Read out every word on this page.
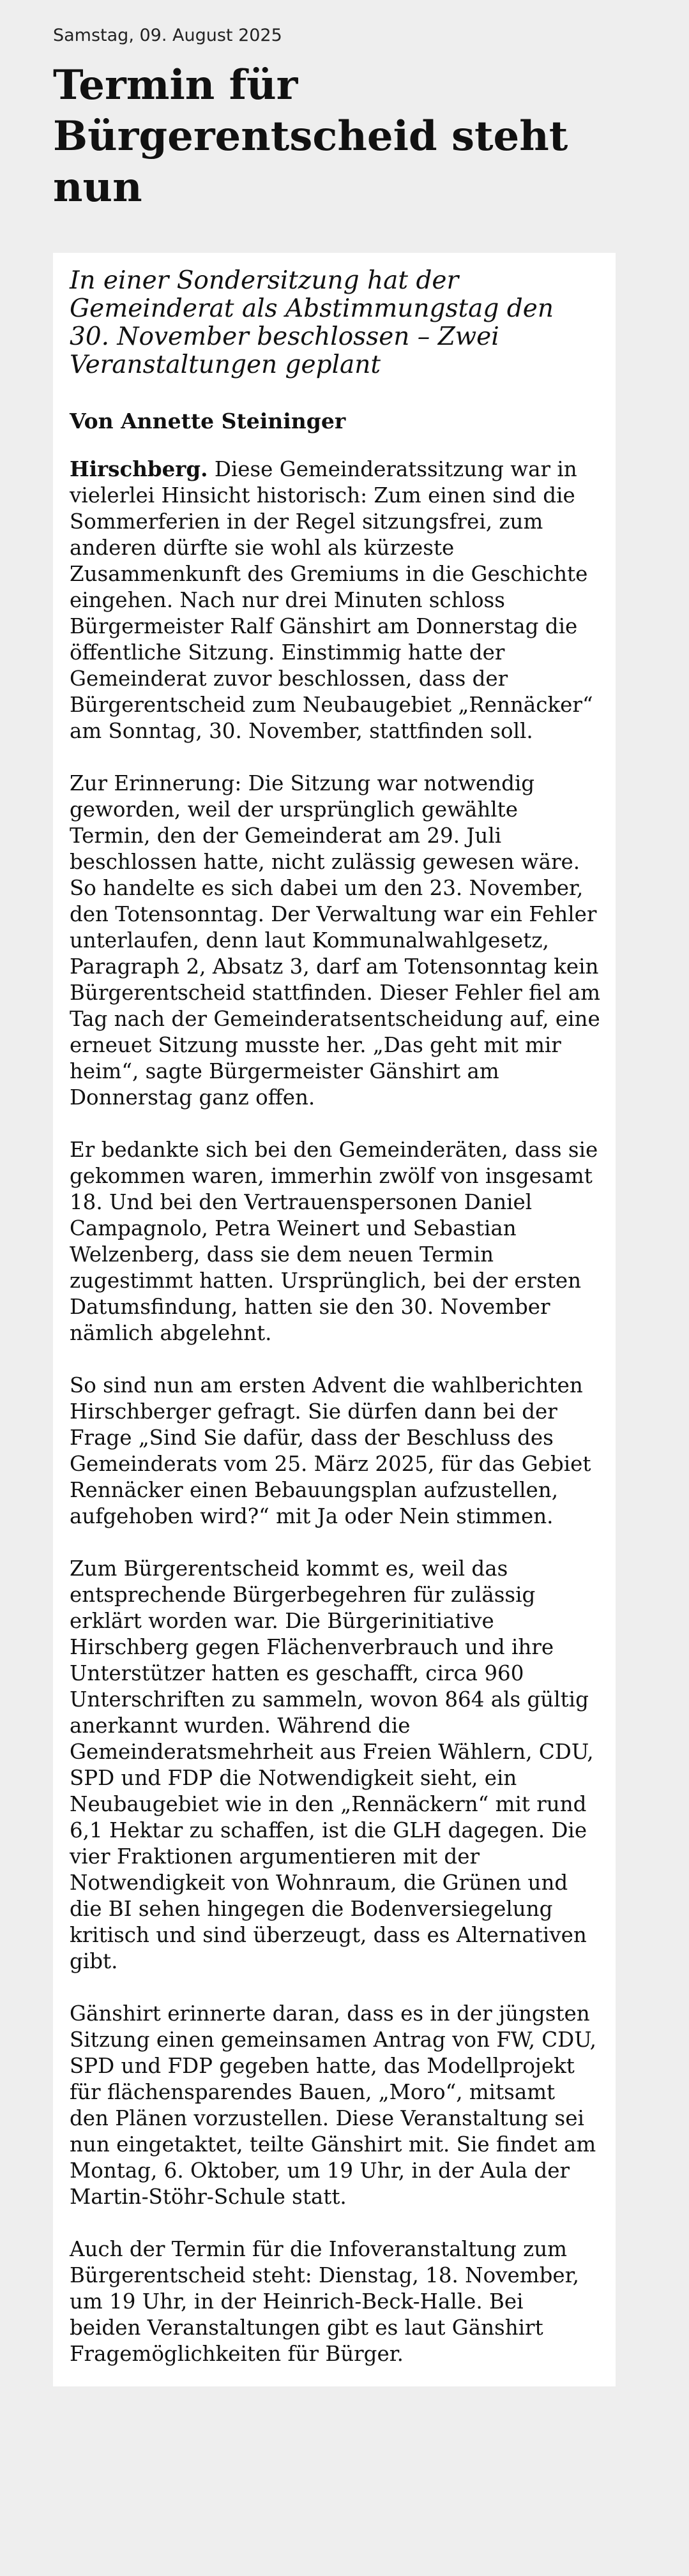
Samstag, 09. August 2025
Termin für Bürgerentscheid steht nun

In einer Sondersitzung hat der Gemeinderat als Abstimmungstag den 30. November beschlossen – Zwei Veranstaltungen geplant

Von Annette Steininger

Hirschberg. Diese Gemeinderatssitzung war in vielerlei Hinsicht historisch: Zum einen sind die Sommerferien in der Regel sitzungsfrei, zum anderen dürfte sie wohl als kürzeste Zusammenkunft des Gremiums in die Geschichte eingehen. Nach nur drei Minuten schloss Bürgermeister Ralf Gänshirt am Donnerstag die öffentliche Sitzung. Einstimmig hatte der Gemeinderat zuvor beschlossen, dass der Bürgerentscheid zum Neubaugebiet „Rennäcker“ am Sonntag, 30. November, stattfinden soll.

Zur Erinnerung: Die Sitzung war notwendig geworden, weil der ursprünglich gewählte Termin, den der Gemeinderat am 29. Juli beschlossen hatte, nicht zulässig gewesen wäre. So handelte es sich dabei um den 23. November, den Totensonntag. Der Verwaltung war ein Fehler unterlaufen, denn laut Kommunalwahlgesetz, Paragraph 2, Absatz 3, darf am Totensonntag kein Bürgerentscheid stattfinden. Dieser Fehler fiel am Tag nach der Gemeinderatsentscheidung auf, eine erneuet Sitzung musste her. „Das geht mit mir heim“, sagte Bürgermeister Gänshirt am Donnerstag ganz offen.

Er bedankte sich bei den Gemeinderäten, dass sie gekommen waren, immerhin zwölf von insgesamt 18. Und bei den Vertrauenspersonen Daniel Campagnolo, Petra Weinert und Sebastian Welzenberg, dass sie dem neuen Termin zugestimmt hatten. Ursprünglich, bei der ersten Datumsfindung, hatten sie den 30. November nämlich abgelehnt.

So sind nun am ersten Advent die wahlberichten Hirschberger gefragt. Sie dürfen dann bei der Frage „Sind Sie dafür, dass der Beschluss des Gemeinderats vom 25. März 2025, für das Gebiet Rennäcker einen Bebauungsplan aufzustellen, aufgehoben wird?“ mit Ja oder Nein stimmen.

Zum Bürgerentscheid kommt es, weil das entsprechende Bürgerbegehren für zulässig erklärt worden war. Die Bürgerinitiative Hirschberg gegen Flächenverbrauch und ihre Unterstützer hatten es geschafft, circa 960 Unterschriften zu sammeln, wovon 864 als gültig anerkannt wurden. Während die Gemeinderatsmehrheit aus Freien Wählern, CDU, SPD und FDP die Notwendigkeit sieht, ein Neubaugebiet wie in den „Rennäckern“ mit rund 6,1 Hektar zu schaffen, ist die GLH dagegen. Die vier Fraktionen argumentieren mit der Notwendigkeit von Wohnraum, die Grünen und die BI sehen hingegen die Bodenversiegelung kritisch und sind überzeugt, dass es Alternativen gibt.

Gänshirt erinnerte daran, dass es in der jüngsten Sitzung einen gemeinsamen Antrag von FW, CDU, SPD und FDP gegeben hatte, das Modellprojekt für flächensparendes Bauen, „Moro“, mitsamt den Plänen vorzustellen. Diese Veranstaltung sei nun eingetaktet, teilte Gänshirt mit. Sie findet am Montag, 6. Oktober, um 19 Uhr, in der Aula der Martin-Stöhr-Schule statt.

Auch der Termin für die Infoveranstaltung zum Bürgerentscheid steht: Dienstag, 18. November, um 19 Uhr, in der Heinrich-Beck-Halle. Bei beiden Veranstaltungen gibt es laut Gänshirt Fragemöglichkeiten für Bürger.
